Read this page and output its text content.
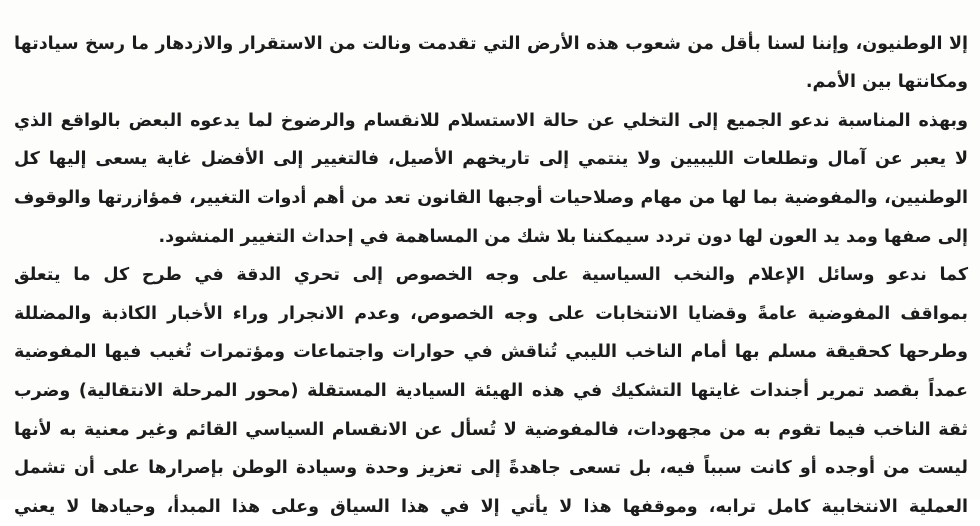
إلا الوطنيون، وإننا لسنا بأقل من شعوب هذه الأرض التي تقدمت ونالت من الاستقرار والازدهار ما رسخ سيادتها
ومكانتها بين الأمم.
وبهذه المناسبة ندعو الجميع إلى التخلي عن حالة الاستسلام للانقسام والرضوخ لما يدعوه البعض بالواقع الذي
لا يعبر عن آمال وتطلعات الليبيين ولا ينتمي إلى تاريخهم الأصيل، فالتغيير إلى الأفضل غاية يسعى إليها كل
الوطنيين، والمفوضية بما لها من مهام وصلاحيات أوجبها القانون تعد من أهم أدوات التغيير، فمؤازرتها والوقوف
إلى صفها ومد يد العون لها دون تردد سيمكننا بلا شك من المساهمة في إحداث التغيير المنشود.
كما ندعو وسائل الإعلام والنخب السياسية على وجه الخصوص إلى تحري الدقة في طرح كل ما يتعلق
بمواقف المفوضية عامةً وقضايا الانتخابات على وجه الخصوص، وعدم الانجرار وراء الأخبار الكاذبة والمضللة
وطرحها كحقيقة مسلم بها أمام الناخب الليبي تُناقش في حوارات واجتماعات ومؤتمرات تُغيب فيها المفوضية
عمداً بقصد تمرير أجندات غايتها التشكيك في هذه الهيئة السيادية المستقلة (محور المرحلة الانتقالية) وضرب
ثقة الناخب فيما تقوم به من مجهودات، فالمفوضية لا تُسأل عن الانقسام السياسي القائم وغير معنية به لأنها
ليست من أوجده أو كانت سبباً فيه، بل تسعى جاهدةً إلى تعزيز وحدة وسيادة الوطن بإصرارها على أن تشمل
العملية الانتخابية كامل ترابه، وموقفها هذا لا يأتي إلا في هذا السياق وعلى هذا المبدأ، وحيادها لا يعني
